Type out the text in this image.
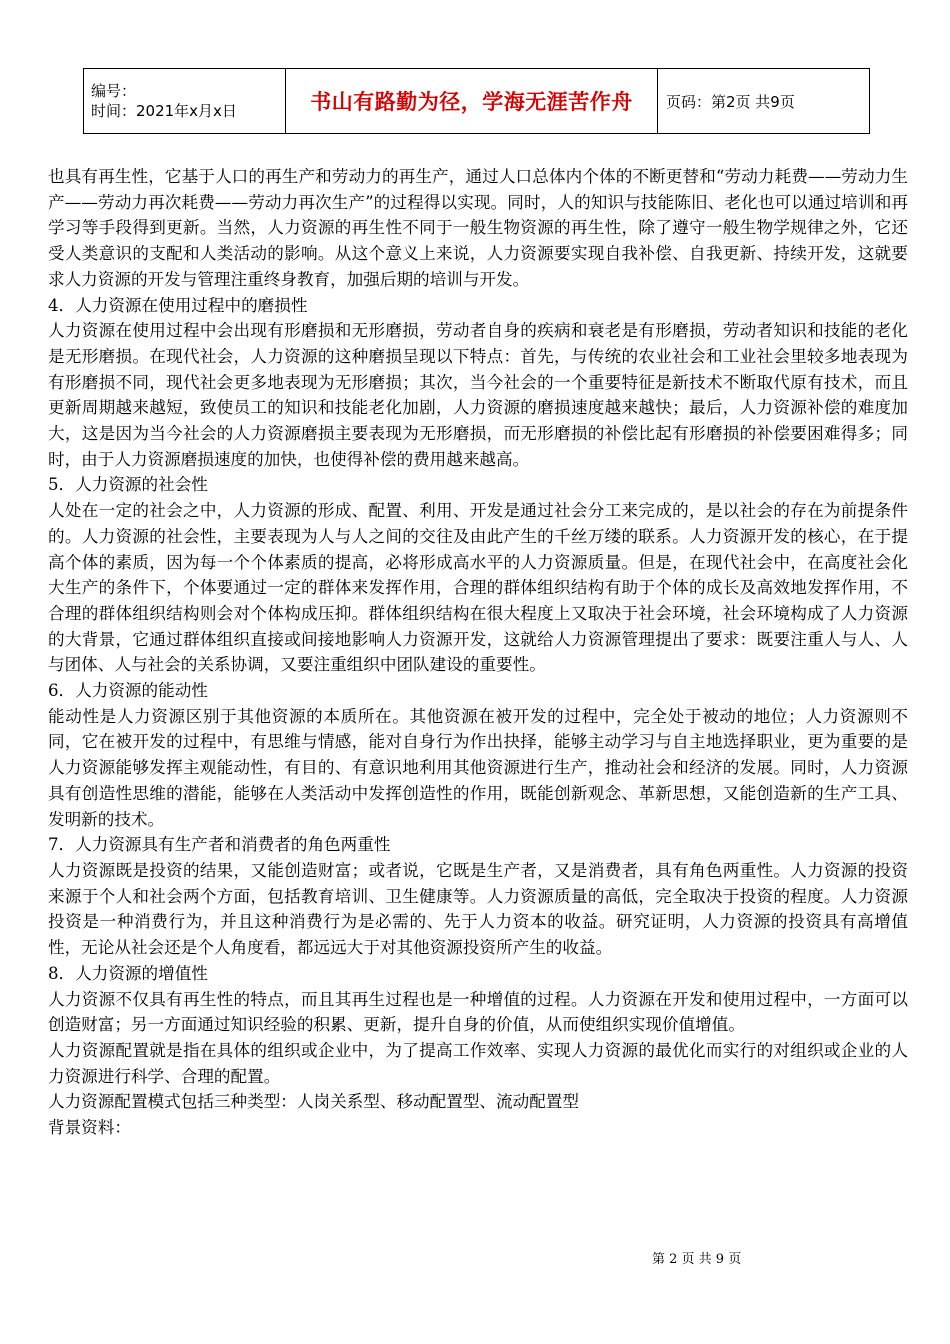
编号：
时间：2021年x月x日	书山有路勤为径，学海无涯苦作舟 页码：第2页 共9页

也具有再生性，它基于人口的再生产和劳动力的再生产，通过人口总体内个体的不断更替和“劳动力耗费——劳动力生产——劳动力再次耗费——劳动力再次生产”的过程得以实现。同时，人的知识与技能陈旧、老化也可以通过培训和再学习等手段得到更新。当然，人力资源的再生性不同于一般生物资源的再生性，除了遵守一般生物学规律之外，它还受人类意识的支配和人类活动的影响。从这个意义上来说，人力资源要实现自我补偿、自我更新、持续开发，这就要求人力资源的开发与管理注重终身教育，加强后期的培训与开发。

4．人力资源在使用过程中的磨损性

人力资源在使用过程中会出现有形磨损和无形磨损，劳动者自身的疾病和衰老是有形磨损，劳动者知识和技能的老化是无形磨损。在现代社会，人力资源的这种磨损呈现以下特点：首先，与传统的农业社会和工业社会里较多地表现为有形磨损不同，现代社会更多地表现为无形磨损；其次，当今社会的一个重要特征是新技术不断取代原有技术，而且更新周期越来越短，致使员工的知识和技能老化加剧，人力资源的磨损速度越来越快；最后，人力资源补偿的难度加大，这是因为当今社会的人力资源磨损主要表现为无形磨损，而无形磨损的补偿比起有形磨损的补偿要困难得多；同时，由于人力资源磨损速度的加快，也使得补偿的费用越来越高。

5．人力资源的社会性

人处在一定的社会之中，人力资源的形成、配置、利用、开发是通过社会分工来完成的，是以社会的存在为前提条件的。人力资源的社会性，主要表现为人与人之间的交往及由此产生的千丝万缕的联系。人力资源开发的核心，在于提高个体的素质，因为每一个个体素质的提高，必将形成高水平的人力资源质量。但是，在现代社会中，在高度社会化大生产的条件下，个体要通过一定的群体来发挥作用，合理的群体组织结构有助于个体的成长及高效地发挥作用，不合理的群体组织结构则会对个体构成压抑。群体组织结构在很大程度上又取决于社会环境，社会环境构成了人力资源的大背景，它通过群体组织直接或间接地影响人力资源开发，这就给人力资源管理提出了要求：既要注重人与人、人与团体、人与社会的关系协调，又要注重组织中团队建设的重要性。

6．人力资源的能动性

能动性是人力资源区别于其他资源的本质所在。其他资源在被开发的过程中，完全处于被动的地位；人力资源则不同，它在被开发的过程中，有思维与情感，能对自身行为作出抉择，能够主动学习与自主地选择职业，更为重要的是人力资源能够发挥主观能动性，有目的、有意识地利用其他资源进行生产，推动社会和经济的发展。同时，人力资源具有创造性思维的潜能，能够在人类活动中发挥创造性的作用，既能创新观念、革新思想，又能创造新的生产工具、发明新的技术。

7．人力资源具有生产者和消费者的角色两重性

人力资源既是投资的结果，又能创造财富；或者说，它既是生产者，又是消费者，具有角色两重性。人力资源的投资来源于个人和社会两个方面，包括教育培训、卫生健康等。人力资源质量的高低，完全取决于投资的程度。人力资源投资是一种消费行为，并且这种消费行为是必需的、先于人力资本的收益。研究证明，人力资源的投资具有高增值性，无论从社会还是个人角度看，都远远大于对其他资源投资所产生的收益。

8．人力资源的增值性

人力资源不仅具有再生性的特点，而且其再生过程也是一种增值的过程。人力资源在开发和使用过程中，一方面可以创造财富；另一方面通过知识经验的积累、更新，提升自身的价值，从而使组织实现价值增值。

人力资源配置就是指在具体的组织或企业中，为了提高工作效率、实现人力资源的最优化而实行的对组织或企业的人力资源进行科学、合理的配置。

人力资源配置模式包括三种类型：人岗关系型、移动配置型、流动配置型

背景资料：

第 2 页 共 9 页
